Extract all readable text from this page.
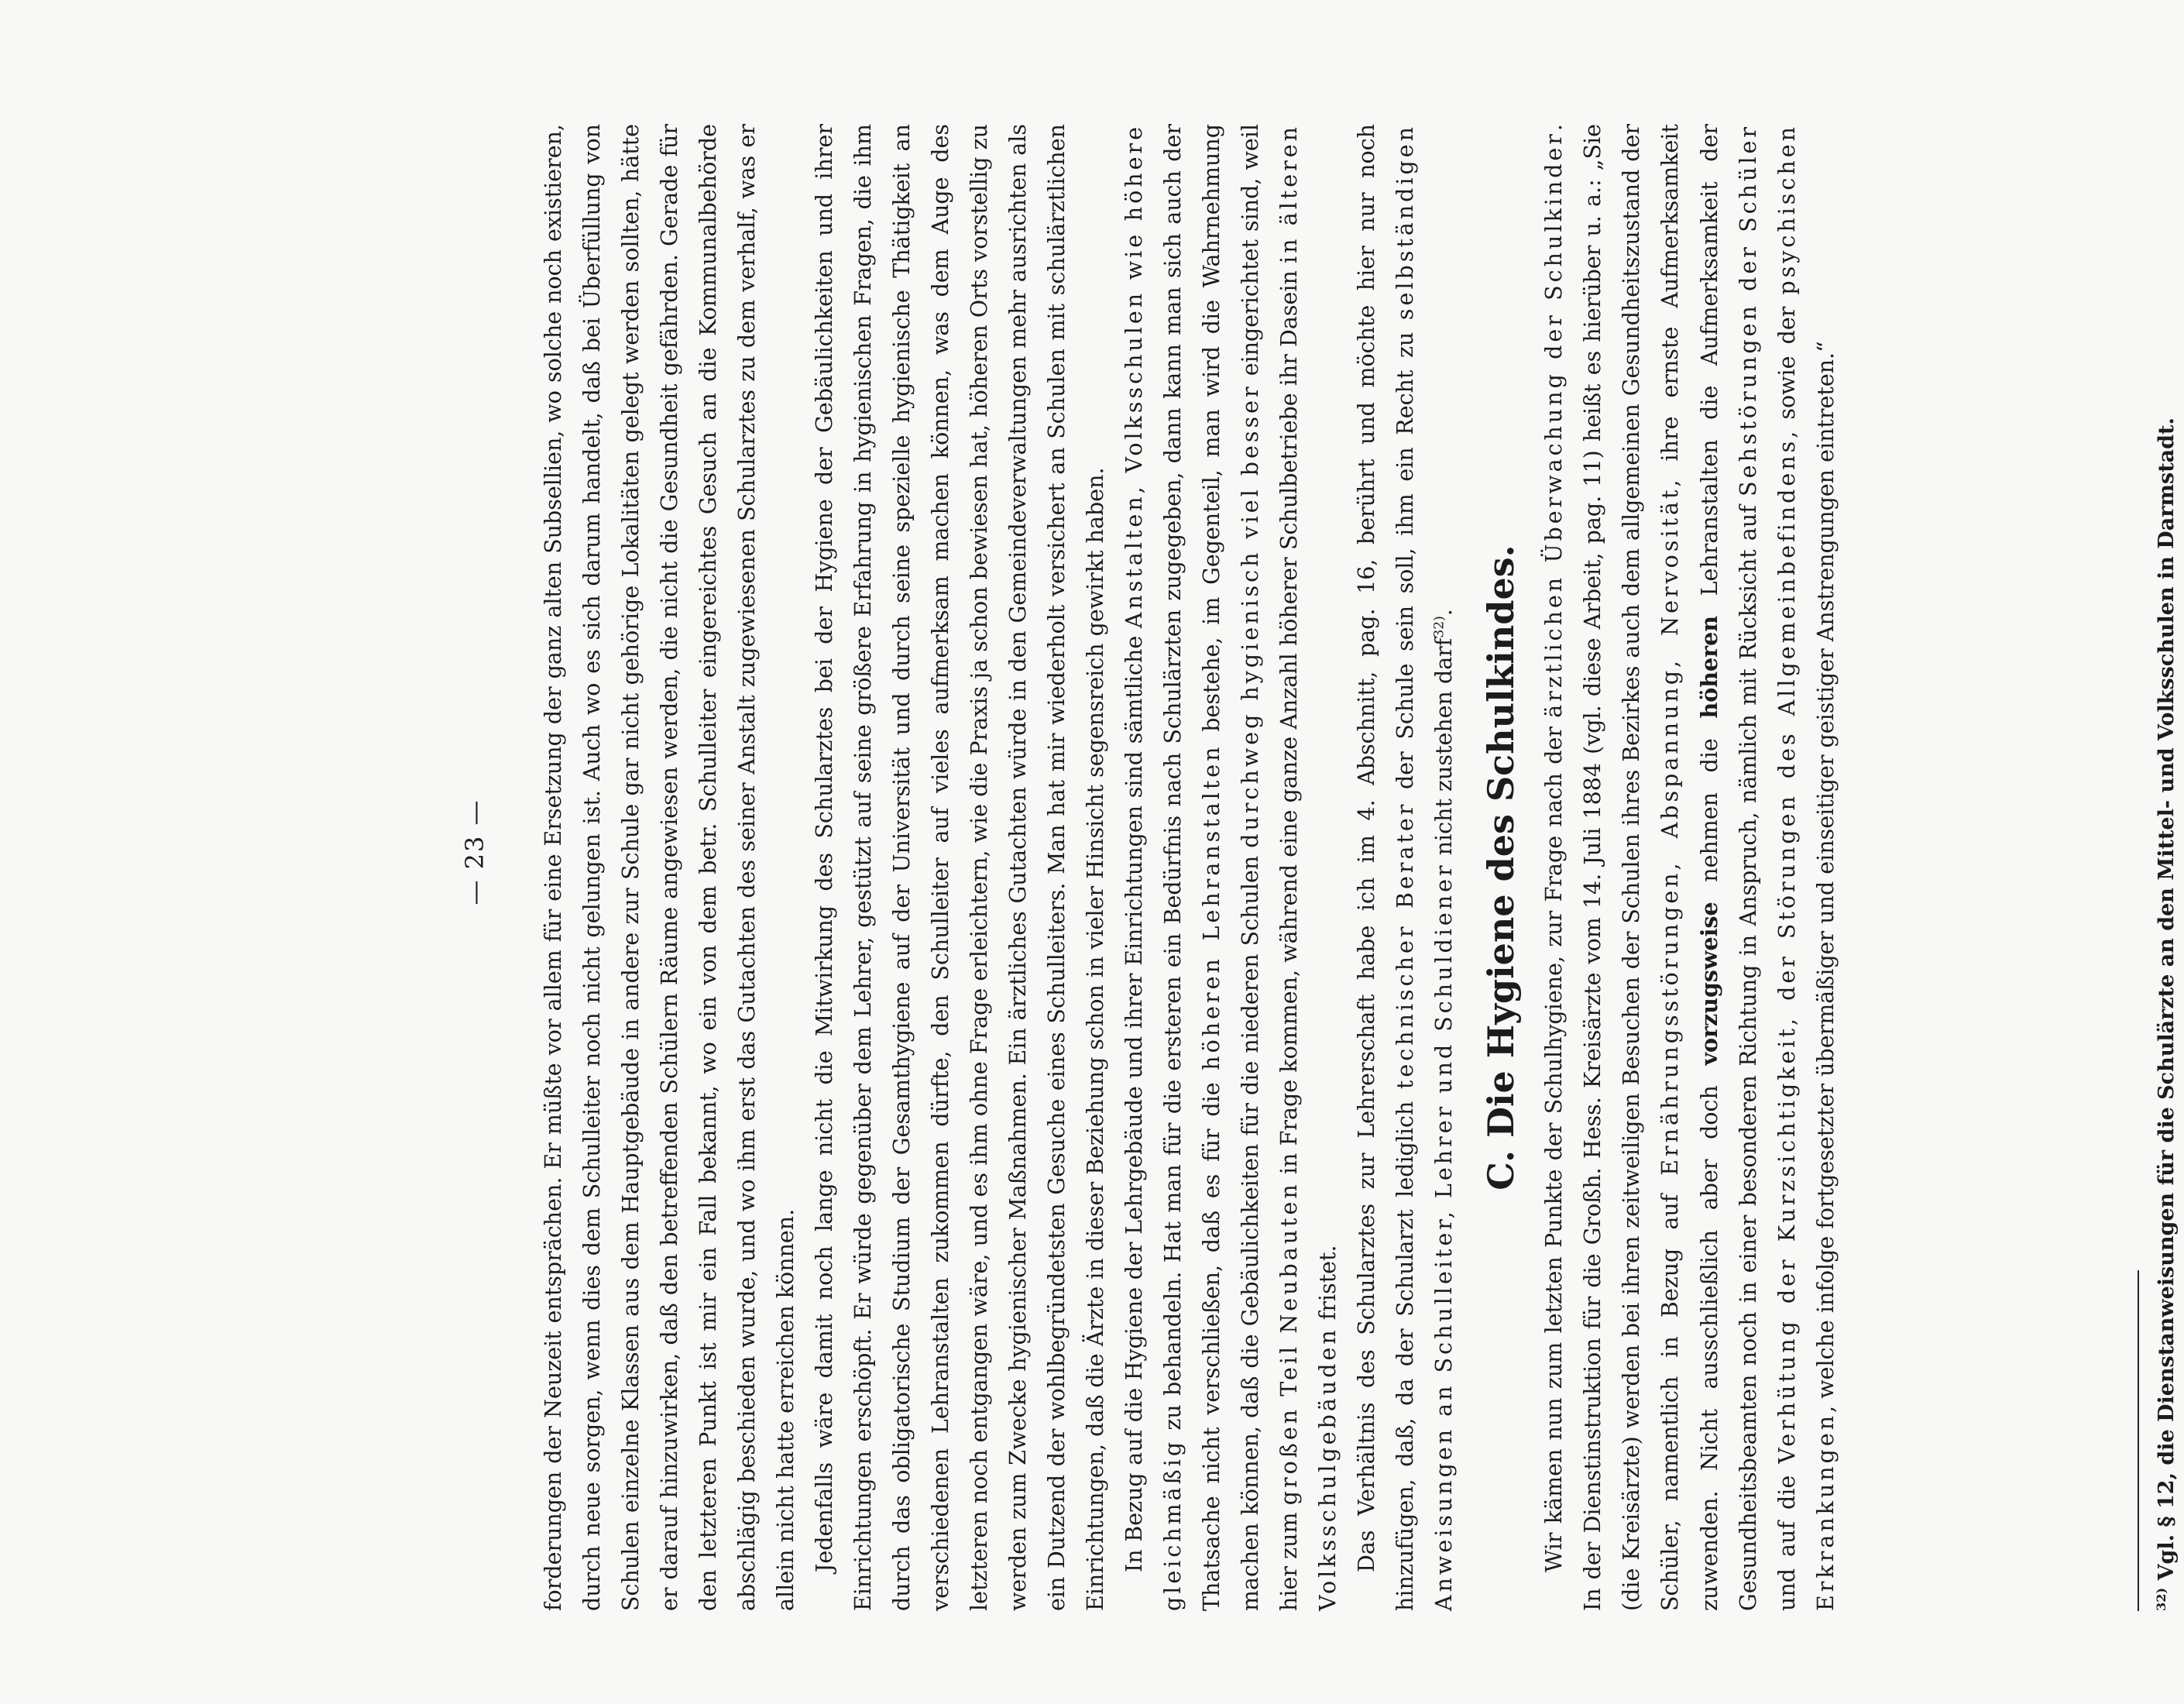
— 23 — forderungen der Neuzeit entsprächen. Er müßte vor allem für eine Ersetzung der ganz alten Subsellien, wo solche noch existieren, durch neue sorgen, wenn dies dem Schulleiter noch nicht gelungen ist. Auch wo es sich darum handelt, daß bei Überfüllung von Schulen einzelne Klassen aus dem Hauptgebäude in andere zur Schule gar nicht gehörige Lokalitäten gelegt werden sollten, hätte er darauf hinzuwirken, daß den betreffenden Schülern Räume angewiesen werden, die nicht die Gesundheit gefährden. Gerade für den letzteren Punkt ist mir ein Fall bekannt, wo ein von dem betr. Schulleiter eingereichtes Gesuch an die Kommunalbehörde abschlägig beschieden wurde, und wo ihm erst das Gutachten des seiner Anstalt zugewiesenen Schularztes zu dem verhalf, was er allein nicht hatte erreichen können. Jedenfalls wäre damit noch lange nicht die Mitwirkung des Schularztes bei der Hygiene der Gebäulichkeiten und ihrer Einrichtungen erschöpft. Er würde gegenüber dem Lehrer, gestützt auf seine größere Erfahrung in hygienischen Fragen, die ihm durch das obligatorische Studium der Gesamthygiene auf der Universität und durch seine spezielle hygienische Thätigkeit an verschiedenen Lehranstalten zukommen dürfte, den Schulleiter auf vieles aufmerksam machen können, was dem Auge des letzteren noch entgangen wäre, und es ihm ohne Frage erleichtern, wie die Praxis ja schon bewiesen hat, höheren Orts vorstellig zu werden zum Zwecke hygienischer Maßnahmen. Ein ärztliches Gutachten würde in den Gemeindeverwaltungen mehr ausrichten als ein Dutzend der wohlbegründetsten Gesuche eines Schulleiters. Man hat mir wiederholt versichert an Schulen mit schulärztlichen Einrichtungen, daß die Ärzte in dieser Beziehung schon in vieler Hinsicht segensreich gewirkt haben. In Bezug auf die Hygiene der Lehrgebäude und ihrer Einrichtungen sind sämtliche Anstalten, Volksschulen wie höhere gleichmäßig zu behandeln. Hat man für die ersteren ein Bedürfnis nach Schulärzten zugegeben, dann kann man sich auch der Thatsache nicht verschließen, daß es für die höheren Lehranstalten bestehe, im Gegenteil, man wird die Wahrnehmung machen können, daß die Gebäulichkeiten für die niederen Schulen durchweg hygienisch viel besser eingerichtet sind, weil hier zum großen Teil Neubauten in Frage kommen, während eine ganze Anzahl höherer Schulbetriebe ihr Dasein in älteren Volksschulgebäuden fristet. Das Verhältnis des Schularztes zur Lehrerschaft habe ich im 4. Abschnitt, pag. 16, berührt und möchte hier nur noch hinzufügen, daß, da der Schularzt lediglich technischer Berater der Schule sein soll, ihm ein Recht zu selbständigen Anweisungen an Schulleiter, Lehrer und Schuldiener nicht zustehen darf$^{32)}$. C. Die Hygiene des Schulkindes. Wir kämen nun zum letzten Punkte der Schulhygiene, zur Frage nach der ärztlichen Überwachung der Schulkinder. In der Dienstinstruktion für die Großh. Hess. Kreisärzte vom 14. Juli 1884 (vgl. diese Arbeit, pag. 11) heißt es hierüber u. a.: „Sie (die Kreisärzte) werden bei ihren zeitweiligen Besuchen der Schulen ihres Bezirkes auch dem allgemeinen Gesundheitszustand der Schüler, namentlich in Bezug auf Ernährungsstörungen, Abspannung, Nervosität, ihre ernste Aufmerksamkeit zuwenden. Nicht ausschließlich aber doch vorzugsweise nehmen die höheren Lehranstalten die Aufmerksamkeit der Gesundheitsbeamten noch in einer besonderen Richtung in Anspruch, nämlich mit Rücksicht auf Sehstörungen der Schüler und auf die Verhütung der Kurzsichtigkeit, der Störungen des Allgemeinbefindens, sowie der psychischen Erkrankungen, welche infolge fortgesetzter übermäßiger und einseitiger geistiger Anstrengungen eintreten.“

$^{32)}$ Vgl. § 12, die Dienstanweisungen für die Schulärzte an den Mittel- und Volksschulen in Darmstadt.
